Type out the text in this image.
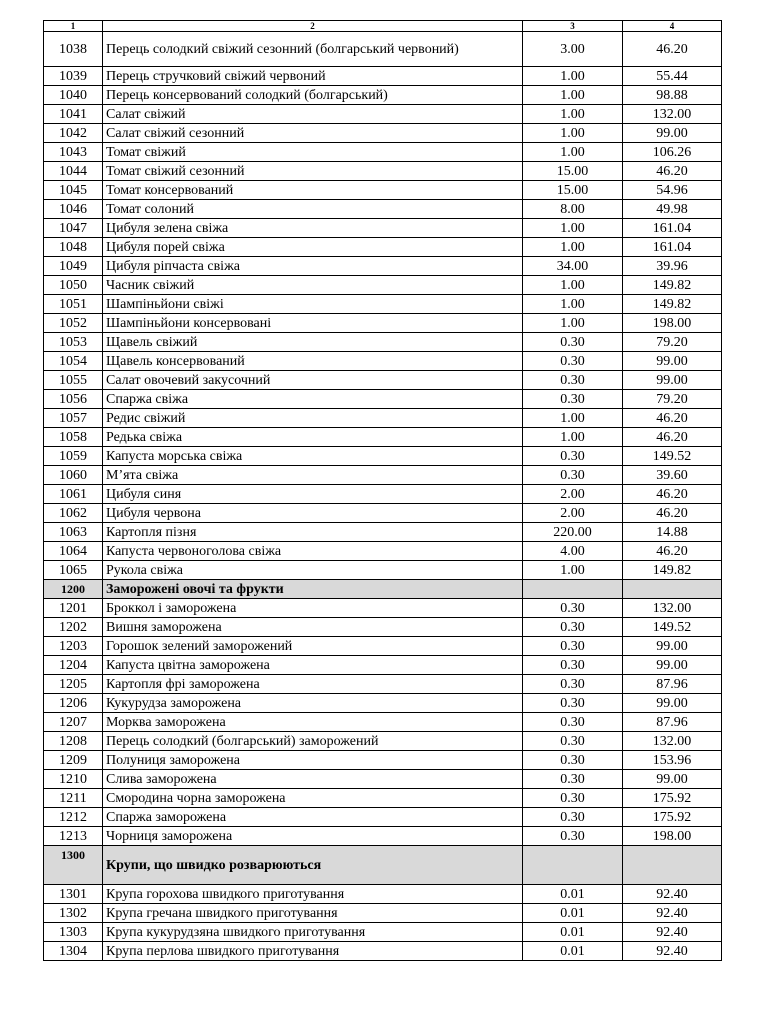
1	2	3	4
1038	Перець солодкий свіжий сезонний (болгарський червоний)	3.00	46.20
1039	Перець стручковий свіжий червоний	1.00	55.44
1040	Перець консервований солодкий (болгарський)	1.00	98.88
1041	Салат свіжий	1.00	132.00
1042	Салат свіжий сезонний	1.00	99.00
1043	Томат свіжий	1.00	106.26
1044	Томат свіжий сезонний	15.00	46.20
1045	Томат консервований	15.00	54.96
1046	Томат солоний	8.00	49.98
1047	Цибуля зелена свіжа	1.00	161.04
1048	Цибуля порей свіжа	1.00	161.04
1049	Цибуля ріпчаста свіжа	34.00	39.96
1050	Часник свіжий	1.00	149.82
1051	Шампіньйони свіжі	1.00	149.82
1052	Шампіньйони консервовані	1.00	198.00
1053	Щавель свіжий	0.30	79.20
1054	Щавель консервований	0.30	99.00
1055	Салат овочевий закусочний	0.30	99.00
1056	Спаржа свіжа	0.30	79.20
1057	Редис свіжий	1.00	46.20
1058	Редька свіжа	1.00	46.20
1059	Капуста морська свіжа	0.30	149.52
1060	М’ята свіжа	0.30	39.60
1061	Цибуля синя	2.00	46.20
1062	Цибуля червона	2.00	46.20
1063	Картопля пізня	220.00	14.88
1064	Капуста червоноголова свіжа	4.00	46.20
1065	Рукола свіжа	1.00	149.82
1200	Заморожені овочі та фрукти		
1201	Броккол і заморожена	0.30	132.00
1202	Вишня заморожена	0.30	149.52
1203	Горошок зелений заморожений	0.30	99.00
1204	Капуста цвітна заморожена	0.30	99.00
1205	Картопля фрі заморожена	0.30	87.96
1206	Кукурудза заморожена	0.30	99.00
1207	Морква заморожена	0.30	87.96
1208	Перець солодкий (болгарський) заморожений	0.30	132.00
1209	Полуниця заморожена	0.30	153.96
1210	Слива заморожена	0.30	99.00
1211	Смородина чорна заморожена	0.30	175.92
1212	Спаржа заморожена	0.30	175.92
1213	Чорниця заморожена	0.30	198.00
1300	Крупи, що швидко розварюються		
1301	Крупа горохова швидкого приготування	0.01	92.40
1302	Крупа гречана швидкого приготування	0.01	92.40
1303	Крупа кукурудзяна швидкого приготування	0.01	92.40
1304	Крупа перлова швидкого приготування	0.01	92.40
